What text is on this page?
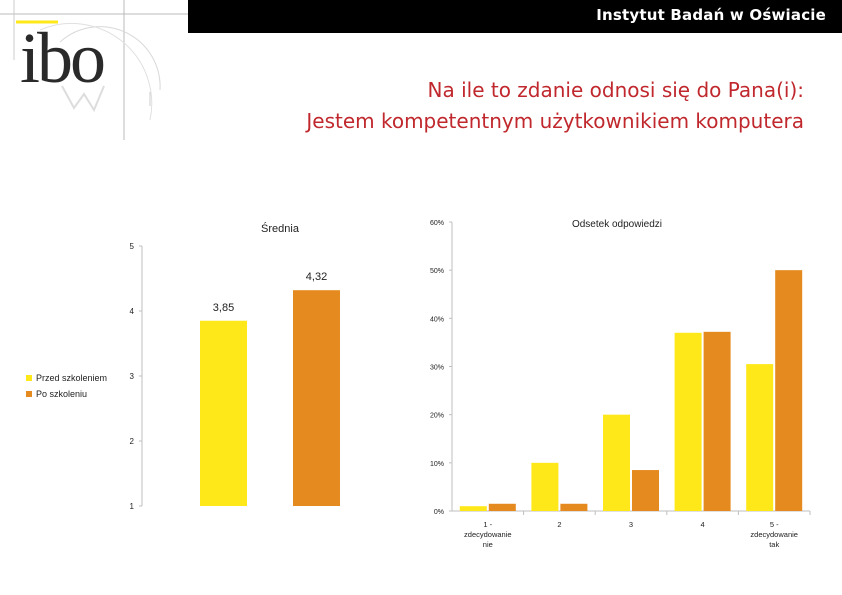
Instytut Badań w Oświacie
ibo	Na ile to zdanie odnosi się do Pana(i):
Jestem kompetentnym użytkownikiem komputera
Przed szkoleniem
Po szkoleniu
Średnia
1
2
3
4
5
3,85
4,32
Odsetek odpowiedzi
0%
10%
20%
30%
40%
50%
60%
1 -
zdecydowanie
nie
2	3	4	5 -
zdecydowanie
tak
